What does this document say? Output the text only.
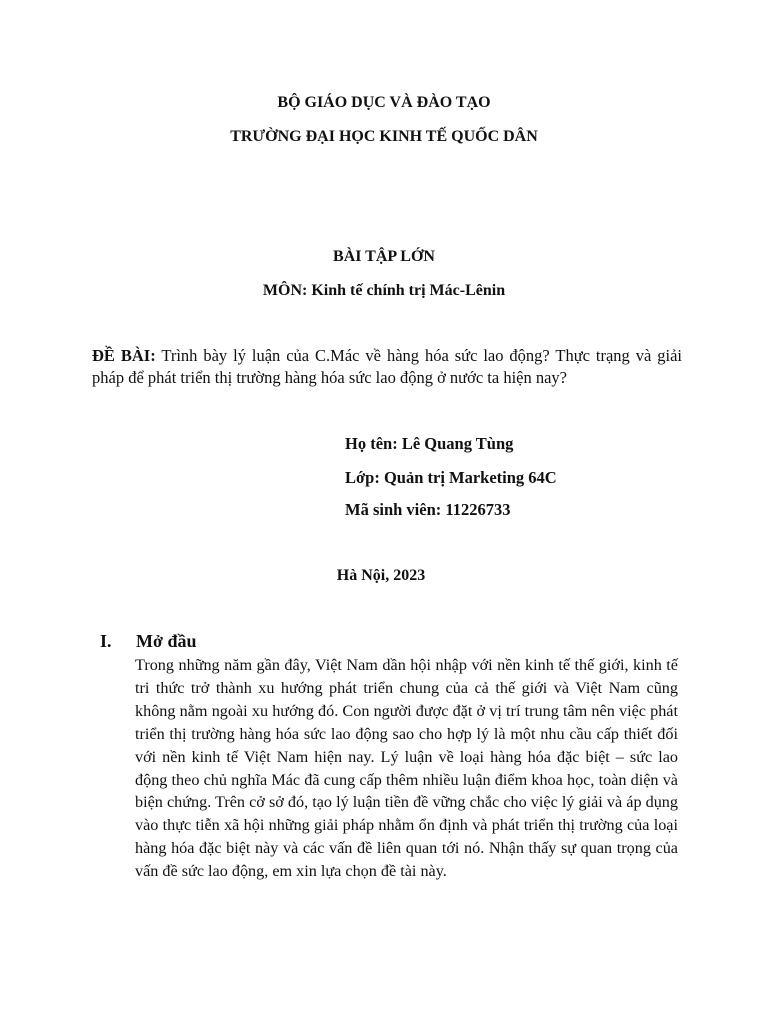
BỘ GIÁO DỤC VÀ ĐÀO TẠO
TRƯỜNG ĐẠI HỌC KINH TẾ QUỐC DÂN
BÀI TẬP LỚN
MÔN: Kinh tế chính trị Mác-Lênin
ĐỀ BÀI: Trình bày lý luận của C.Mác về hàng hóa sức lao động? Thực trạng và giải pháp để phát triển thị trường hàng hóa sức lao động ở nước ta hiện nay?
Họ tên: Lê Quang Tùng
Lớp: Quản trị Marketing 64C
Mã sinh viên: 11226733
Hà Nội, 2023
I. Mở đầu
Trong những năm gần đây, Việt Nam dần hội nhập với nền kinh tế thế giới, kinh tế tri thức trở thành xu hướng phát triển chung của cả thế giới và Việt Nam cũng không nằm ngoài xu hướng đó. Con người được đặt ở vị trí trung tâm nên việc phát triển thị trường hàng hóa sức lao động sao cho hợp lý là một nhu cầu cấp thiết đối với nền kinh tế Việt Nam hiện nay. Lý luận về loại hàng hóa đặc biệt – sức lao động theo chủ nghĩa Mác đã cung cấp thêm nhiều luận điểm khoa học, toàn diện và biện chứng. Trên cở sở đó, tạo lý luận tiền đề vững chắc cho việc lý giải và áp dụng vào thực tiễn xã hội những giải pháp nhằm ổn định và phát triển thị trường của loại hàng hóa đặc biệt này và các vấn đề liên quan tới nó. Nhận thấy sự quan trọng của vấn đề sức lao động, em xin lựa chọn đề tài này.
